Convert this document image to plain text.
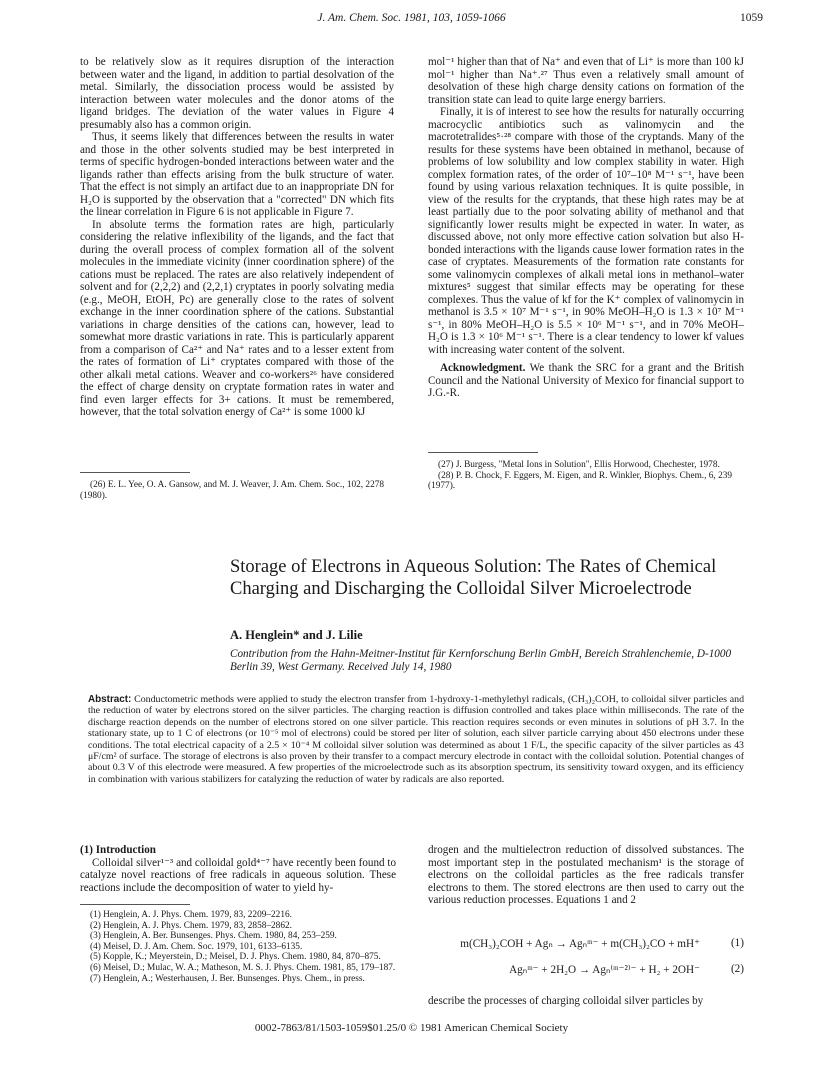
J. Am. Chem. Soc. 1981, 103, 1059-1066	1059

to be relatively slow as it requires disruption of the interaction between water and the ligand, in addition to partial desolvation of the metal. Similarly, the dissociation process would be assisted by interaction between water molecules and the donor atoms of the ligand bridges. The deviation of the water values in Figure 4 presumably also has a common origin.

Thus, it seems likely that differences between the results in water and those in the other solvents studied may be best interpreted in terms of specific hydrogen-bonded interactions between water and the ligands rather than effects arising from the bulk structure of water. That the effect is not simply an artifact due to an inappropriate DN for H₂O is supported by the observation that a "corrected" DN which fits the linear correlation in Figure 6 is not applicable in Figure 7.

In absolute terms the formation rates are high, particularly considering the relative inflexibility of the ligands, and the fact that during the overall process of complex formation all of the solvent molecules in the immediate vicinity (inner coordination sphere) of the cations must be replaced. The rates are also relatively independent of solvent and for (2,2,2) and (2,2,1) cryptates in poorly solvating media (e.g., MeOH, EtOH, Pc) are generally close to the rates of solvent exchange in the inner coordination sphere of the cations. Substantial variations in charge densities of the cations can, however, lead to somewhat more drastic variations in rate. This is particularly apparent from a comparison of Ca²⁺ and Na⁺ rates and to a lesser extent from the rates of formation of Li⁺ cryptates compared with those of the other alkali metal cations. Weaver and co-workers²⁶ have considered the effect of charge density on cryptate formation rates in water and find even larger effects for 3+ cations. It must be remembered, however, that the total solvation energy of Ca²⁺ is some 1000 kJ

(26) E. L. Yee, O. A. Gansow, and M. J. Weaver, J. Am. Chem. Soc., 102, 2278 (1980).

mol⁻¹ higher than that of Na⁺ and even that of Li⁺ is more than 100 kJ mol⁻¹ higher than Na⁺.²⁷ Thus even a relatively small amount of desolvation of these high charge density cations on formation of the transition state can lead to quite large energy barriers.

Finally, it is of interest to see how the results for naturally occurring macrocyclic antibiotics such as valinomycin and the macrotetralides⁵·²⁸ compare with those of the cryptands. Many of the results for these systems have been obtained in methanol, because of problems of low solubility and low complex stability in water. High complex formation rates, of the order of 10⁷–10⁸ M⁻¹ s⁻¹, have been found by using various relaxation techniques. It is quite possible, in view of the results for the cryptands, that these high rates may be at least partially due to the poor solvating ability of methanol and that significantly lower results might be expected in water. In water, as discussed above, not only more effective cation solvation but also H-bonded interactions with the ligands cause lower formation rates in the case of cryptates. Measurements of the formation rate constants for some valinomycin complexes of alkali metal ions in methanol–water mixtures⁵ suggest that similar effects may be operating for these complexes. Thus the value of kf for the K⁺ complex of valinomycin in methanol is 3.5 × 10⁷ M⁻¹ s⁻¹, in 90% MeOH–H₂O is 1.3 × 10⁷ M⁻¹ s⁻¹, in 80% MeOH–H₂O is 5.5 × 10⁶ M⁻¹ s⁻¹, and in 70% MeOH–H₂O is 1.3 × 10⁶ M⁻¹ s⁻¹. There is a clear tendency to lower kf values with increasing water content of the solvent.

Acknowledgment. We thank the SRC for a grant and the British Council and the National University of Mexico for financial support to J.G.-R.

(27) J. Burgess, "Metal Ions in Solution", Ellis Horwood, Chechester, 1978.
(28) P. B. Chock, F. Eggers, M. Eigen, and R. Winkler, Biophys. Chem., 6, 239 (1977).
Storage of Electrons in Aqueous Solution: The Rates of Chemical Charging and Discharging the Colloidal Silver Microelectrode
A. Henglein* and J. Lilie
Contribution from the Hahn-Meitner-Institut für Kernforschung Berlin GmbH, Bereich Strahlenchemie, D-1000 Berlin 39, West Germany. Received July 14, 1980
Abstract: Conductometric methods were applied to study the electron transfer from 1-hydroxy-1-methylethyl radicals, (CH₃)₂COH, to colloidal silver particles and the reduction of water by electrons stored on the silver particles. The charging reaction is diffusion controlled and takes place within milliseconds. The rate of the discharge reaction depends on the number of electrons stored on one silver particle. This reaction requires seconds or even minutes in solutions of pH 3.7. In the stationary state, up to 1 C of electrons (or 10⁻⁵ mol of electrons) could be stored per liter of solution, each silver particle carrying about 450 electrons under these conditions. The total electrical capacity of a 2.5 × 10⁻⁴ M colloidal silver solution was determined as about 1 F/L, the specific capacity of the silver particles as 43 μF/cm² of surface. The storage of electrons is also proven by their transfer to a compact mercury electrode in contact with the colloidal solution. Potential changes of about 0.3 V of this electrode were measured. A few properties of the microelectrode such as its absorption spectrum, its sensitivity toward oxygen, and its efficiency in combination with various stabilizers for catalyzing the reduction of water by radicals are also reported.

(1) Introduction

Colloidal silver¹⁻³ and colloidal gold⁴⁻⁷ have recently been found to catalyze novel reactions of free radicals in aqueous solution. These reactions include the decomposition of water to yield hy-

(1) Henglein, A. J. Phys. Chem. 1979, 83, 2209–2216.
(2) Henglein, A. J. Phys. Chem. 1979, 83, 2858–2862.
(3) Henglein, A. Ber. Bunsenges. Phys. Chem. 1980, 84, 253–259.
(4) Meisel, D. J. Am. Chem. Soc. 1979, 101, 6133–6135.
(5) Kopple, K.; Meyerstein, D.; Meisel, D. J. Phys. Chem. 1980, 84, 870–875.
(6) Meisel, D.; Mulac, W. A.; Matheson, M. S. J. Phys. Chem. 1981, 85, 179–187.
(7) Henglein, A.; Westerhausen, J. Ber. Bunsenges. Phys. Chem., in press.

drogen and the multielectron reduction of dissolved substances. The most important step in the postulated mechanism¹ is the storage of electrons on the colloidal particles as the free radicals transfer electrons to them. The stored electrons are then used to carry out the various reduction processes. Equations 1 and 2

m(CH₃)₂COH + Agₙ → Agₙᵐ⁻ + m(CH₃)₂CO + mH⁺	(1)
Agₙᵐ⁻ + 2H₂O → Agₙ⁽ᵐ⁻²⁾⁻ + H₂ + 2OH⁻	(2)

describe the processes of charging colloidal silver particles by

0002-7863/81/1503-1059$01.25/0 © 1981 American Chemical Society
